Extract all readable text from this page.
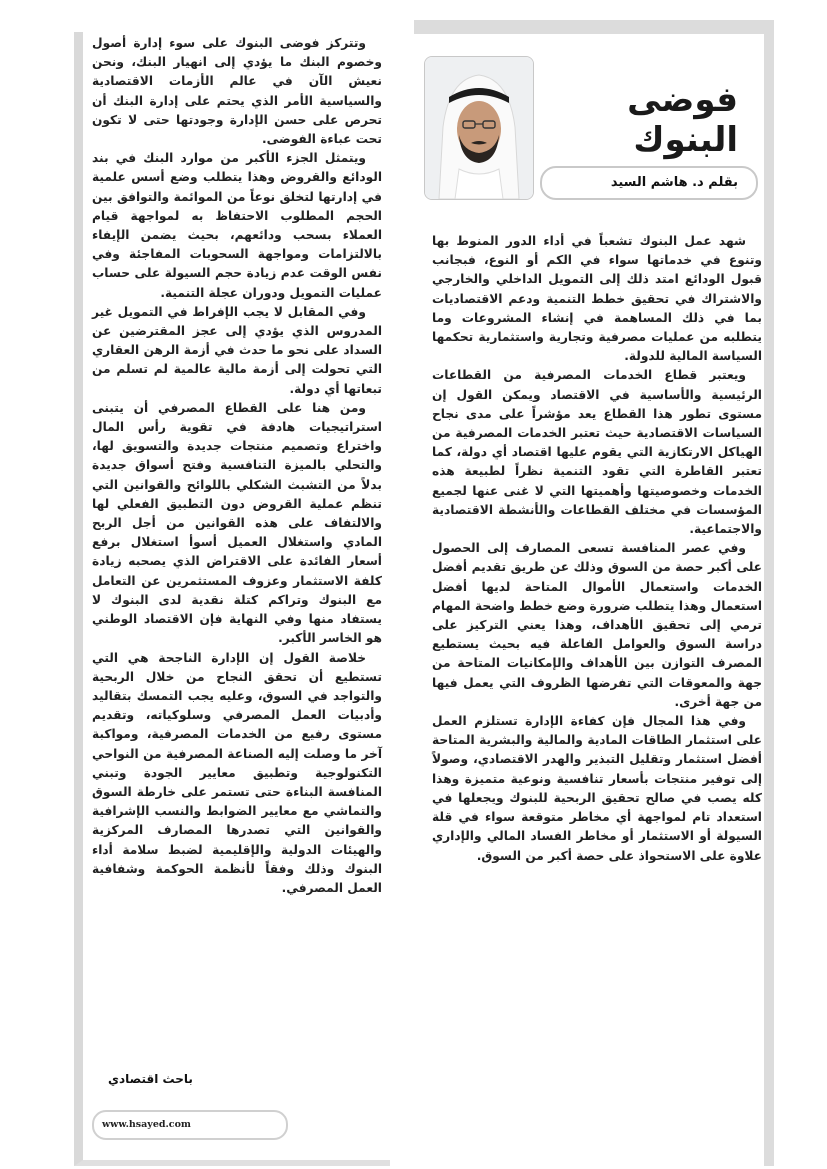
فوضى البنوك
بقلم د. هاشم السيد

شهد عمل البنوك تشعباً في أداء الدور المنوط بها وتنوع في خدماتها سواء في الكم أو النوع، فبجانب قبول الودائع امتد ذلك إلى التمويل الداخلي والخارجي والاشتراك في تحقيق خطط التنمية ودعم الاقتصاديات بما في ذلك المساهمة في إنشاء المشروعات وما يتطلبه من عمليات مصرفية وتجارية واستثمارية تحكمها السياسة المالية للدولة.

ويعتبر قطاع الخدمات المصرفية من القطاعات الرئيسية والأساسية في الاقتصاد ويمكن القول إن مستوى تطور هذا القطاع يعد مؤشراً على مدى نجاح السياسات الاقتصادية حيث تعتبر الخدمات المصرفية من الهياكل الارتكازية التي يقوم عليها اقتصاد أي دولة، كما تعتبر القاطرة التي تقود التنمية نظراً لطبيعة هذه الخدمات وخصوصيتها وأهميتها التي لا غنى عنها لجميع المؤسسات في مختلف القطاعات والأنشطة الاقتصادية والاجتماعية.

وفي عصر المنافسة تسعى المصارف إلى الحصول على أكبر حصة من السوق وذلك عن طريق تقديم أفضل الخدمات واستعمال الأموال المتاحة لديها أفضل استعمال وهذا يتطلب ضرورة وضع خطط واضحة المهام ترمي إلى تحقيق الأهداف، وهذا يعني التركيز على دراسة السوق والعوامل الفاعلة فيه بحيث يستطيع المصرف التوازن بين الأهداف والإمكانيات المتاحة من جهة والمعوقات التي تفرضها الظروف التي يعمل فيها من جهة أخرى.

وفي هذا المجال فإن كفاءة الإدارة تستلزم العمل على استثمار الطاقات المادية والمالية والبشرية المتاحة أفضل استثمار وتقليل التبذير والهدر الاقتصادي، وصولاً إلى توفير منتجات بأسعار تنافسية ونوعية متميزة وهذا كله يصب في صالح تحقيق الربحية للبنوك ويجعلها في استعداد تام لمواجهة أي مخاطر متوقعة سواء في قلة السيولة أو الاستثمار أو مخاطر الفساد المالي والإداري علاوة على الاستحواذ على حصة أكبر من السوق.

وتتركز فوضى البنوك على سوء إدارة أصول وخصوم البنك ما يؤدي إلى انهيار البنك، ونحن نعيش الآن في عالم الأزمات الاقتصادية والسياسية الأمر الذي يحتم على إدارة البنك أن تحرص على حسن الإدارة وجودتها حتى لا تكون تحت عباءة الفوضى.

ويتمثل الجزء الأكبر من موارد البنك في بند الودائع والقروض وهذا يتطلب وضع أسس علمية في إدارتها لتخلق نوعاً من الموائمة والتوافق بين الحجم المطلوب الاحتفاظ به لمواجهة قيام العملاء بسحب ودائعهم، بحيث يضمن الإيفاء بالالتزامات ومواجهة السحوبات المفاجئة وفي نفس الوقت عدم زيادة حجم السيولة على حساب عمليات التمويل ودوران عجلة التنمية.

وفي المقابل لا يجب الإفراط في التمويل غير المدروس الذي يؤدي إلى عجز المقترضين عن السداد على نحو ما حدث في أزمة الرهن العقاري التي تحولت إلى أزمة مالية عالمية لم تسلم من تبعاتها أي دولة.

ومن هنا على القطاع المصرفي أن يتبنى استراتيجيات هادفة في تقوية رأس المال واختراع وتصميم منتجات جديدة والتسويق لها، والتحلي بالميزة التنافسية وفتح أسواق جديدة بدلاً من التشبث الشكلي باللوائح والقوانين التي تنظم عملية القروض دون التطبيق الفعلي لها والالتفاف على هذه القوانين من أجل الربح المادي واستغلال العميل أسوأ استغلال برفع أسعار الفائدة على الاقتراض الذي يصحبه زيادة كلفة الاستثمار وعزوف المستثمرين عن التعامل مع البنوك وتراكم كتلة نقدية لدى البنوك لا يستفاد منها وفي النهاية فإن الاقتصاد الوطني هو الخاسر الأكبر.

خلاصة القول إن الإدارة الناجحة هي التي تستطيع أن تحقق النجاح من خلال الربحية والتواجد في السوق، وعليه يجب التمسك بتقاليد وأدبيات العمل المصرفي وسلوكياته، وتقديم مستوى رفيع من الخدمات المصرفية، ومواكبة آخر ما وصلت إليه الصناعة المصرفية من النواحي التكنولوجية وتطبيق معايير الجودة وتبني المنافسة البناءة حتى تستمر على خارطة السوق والتماشي مع معايير الضوابط والنسب الإشرافية والقوانين التي تصدرها المصارف المركزية والهيئات الدولية والإقليمية لضبط سلامة أداء البنوك وذلك وفقاً لأنظمة الحوكمة وشفافية العمل المصرفي.

باحث اقتصادي
www.hsayed.com
